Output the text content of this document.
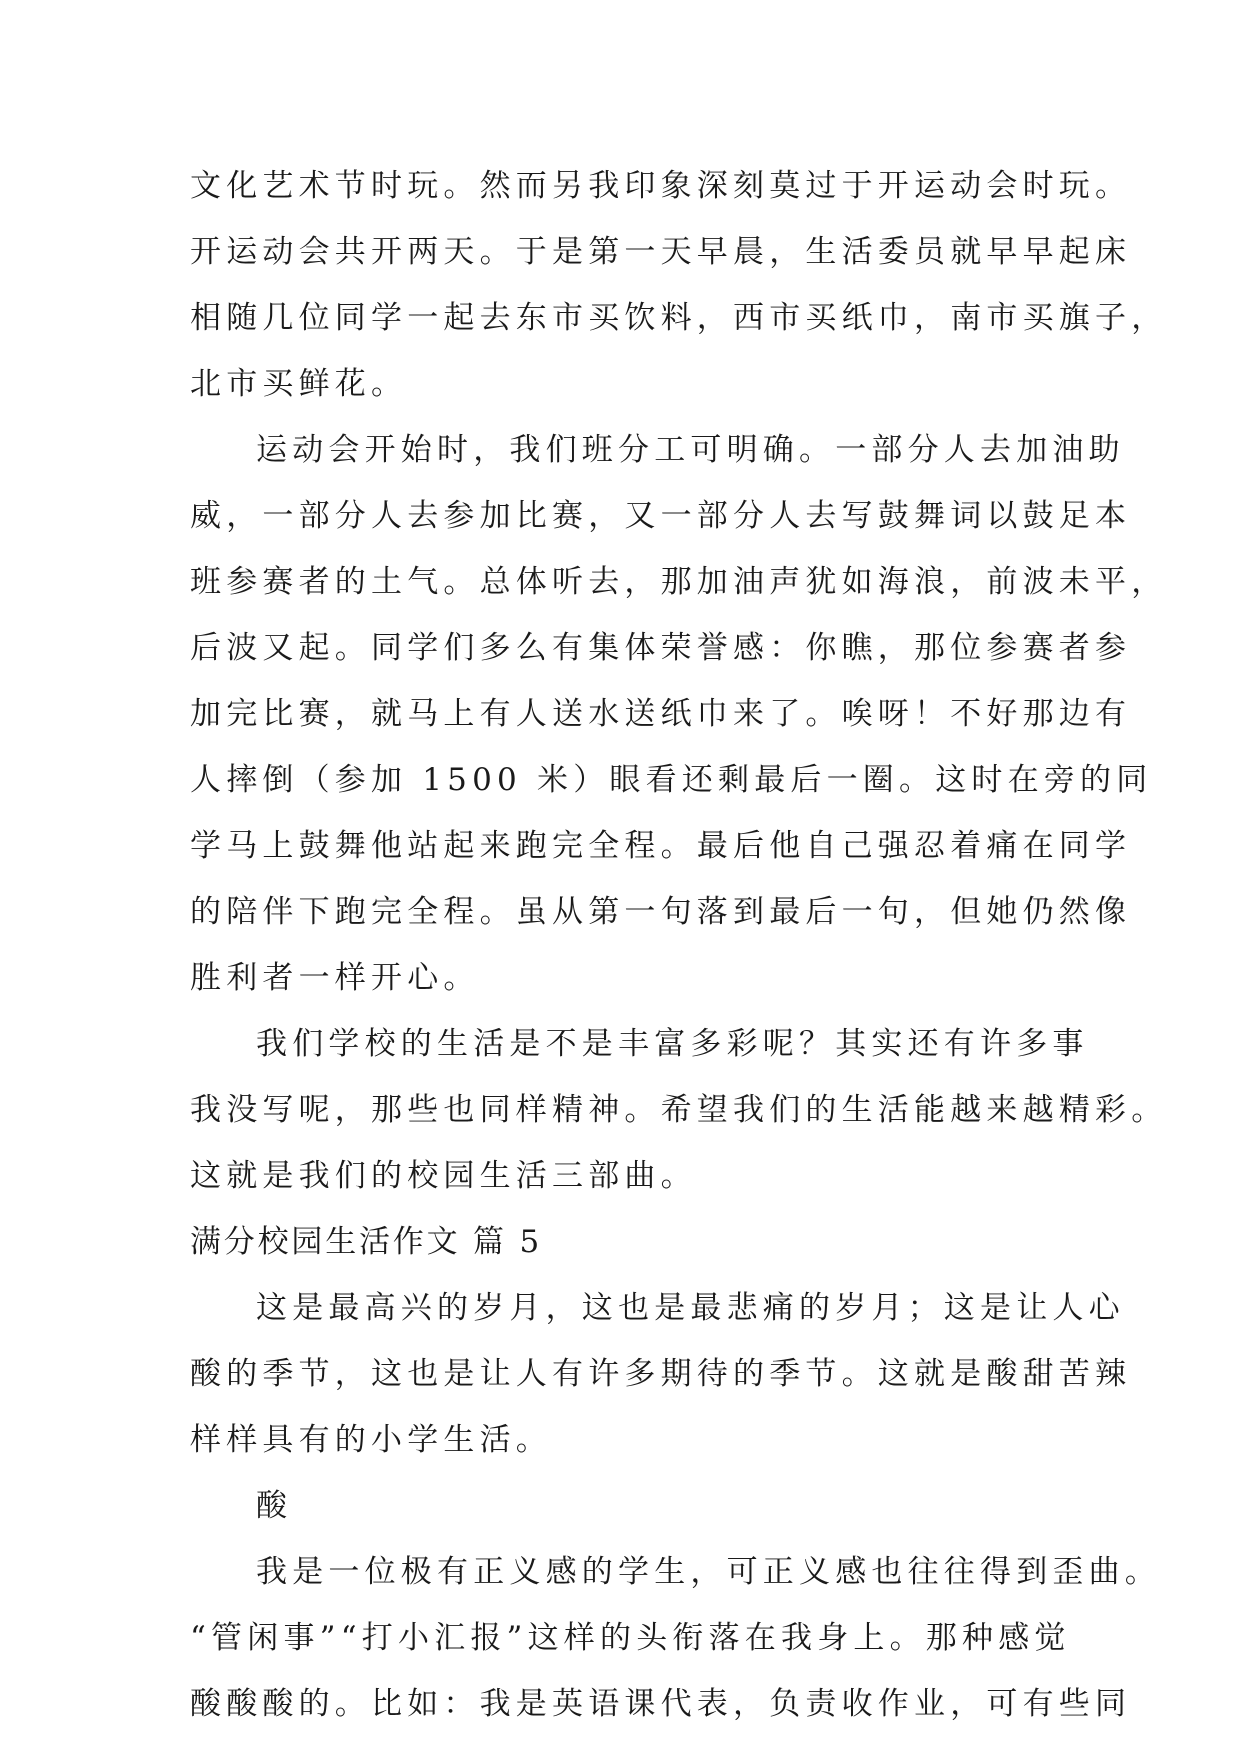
文化艺术节时玩。然而另我印象深刻莫过于开运动会时玩。
开运动会共开两天。于是第一天早晨，生活委员就早早起床
相随几位同学一起去东市买饮料，西市买纸巾，南市买旗子，
北市买鲜花。
运动会开始时，我们班分工可明确。一部分人去加油助
威，一部分人去参加比赛，又一部分人去写鼓舞词以鼓足本
班参赛者的土气。总体听去，那加油声犹如海浪，前波未平，
后波又起。同学们多么有集体荣誉感：你瞧，那位参赛者参
加完比赛，就马上有人送水送纸巾来了。唉呀！不好那边有
人摔倒（参加 1500 米）眼看还剩最后一圈。这时在旁的同
学马上鼓舞他站起来跑完全程。最后他自己强忍着痛在同学
的陪伴下跑完全程。虽从第一句落到最后一句，但她仍然像
胜利者一样开心。
我们学校的生活是不是丰富多彩呢？其实还有许多事
我没写呢，那些也同样精神。希望我们的生活能越来越精彩。
这就是我们的校园生活三部曲。
满分校园生活作文 篇 5
这是最高兴的岁月，这也是最悲痛的岁月；这是让人心
酸的季节，这也是让人有许多期待的季节。这就是酸甜苦辣
样样具有的小学生活。
酸
我是一位极有正义感的学生，可正义感也往往得到歪曲。
“管闲事”“打小汇报”这样的头衔落在我身上。那种感觉
酸酸酸的。比如：我是英语课代表，负责收作业，可有些同
